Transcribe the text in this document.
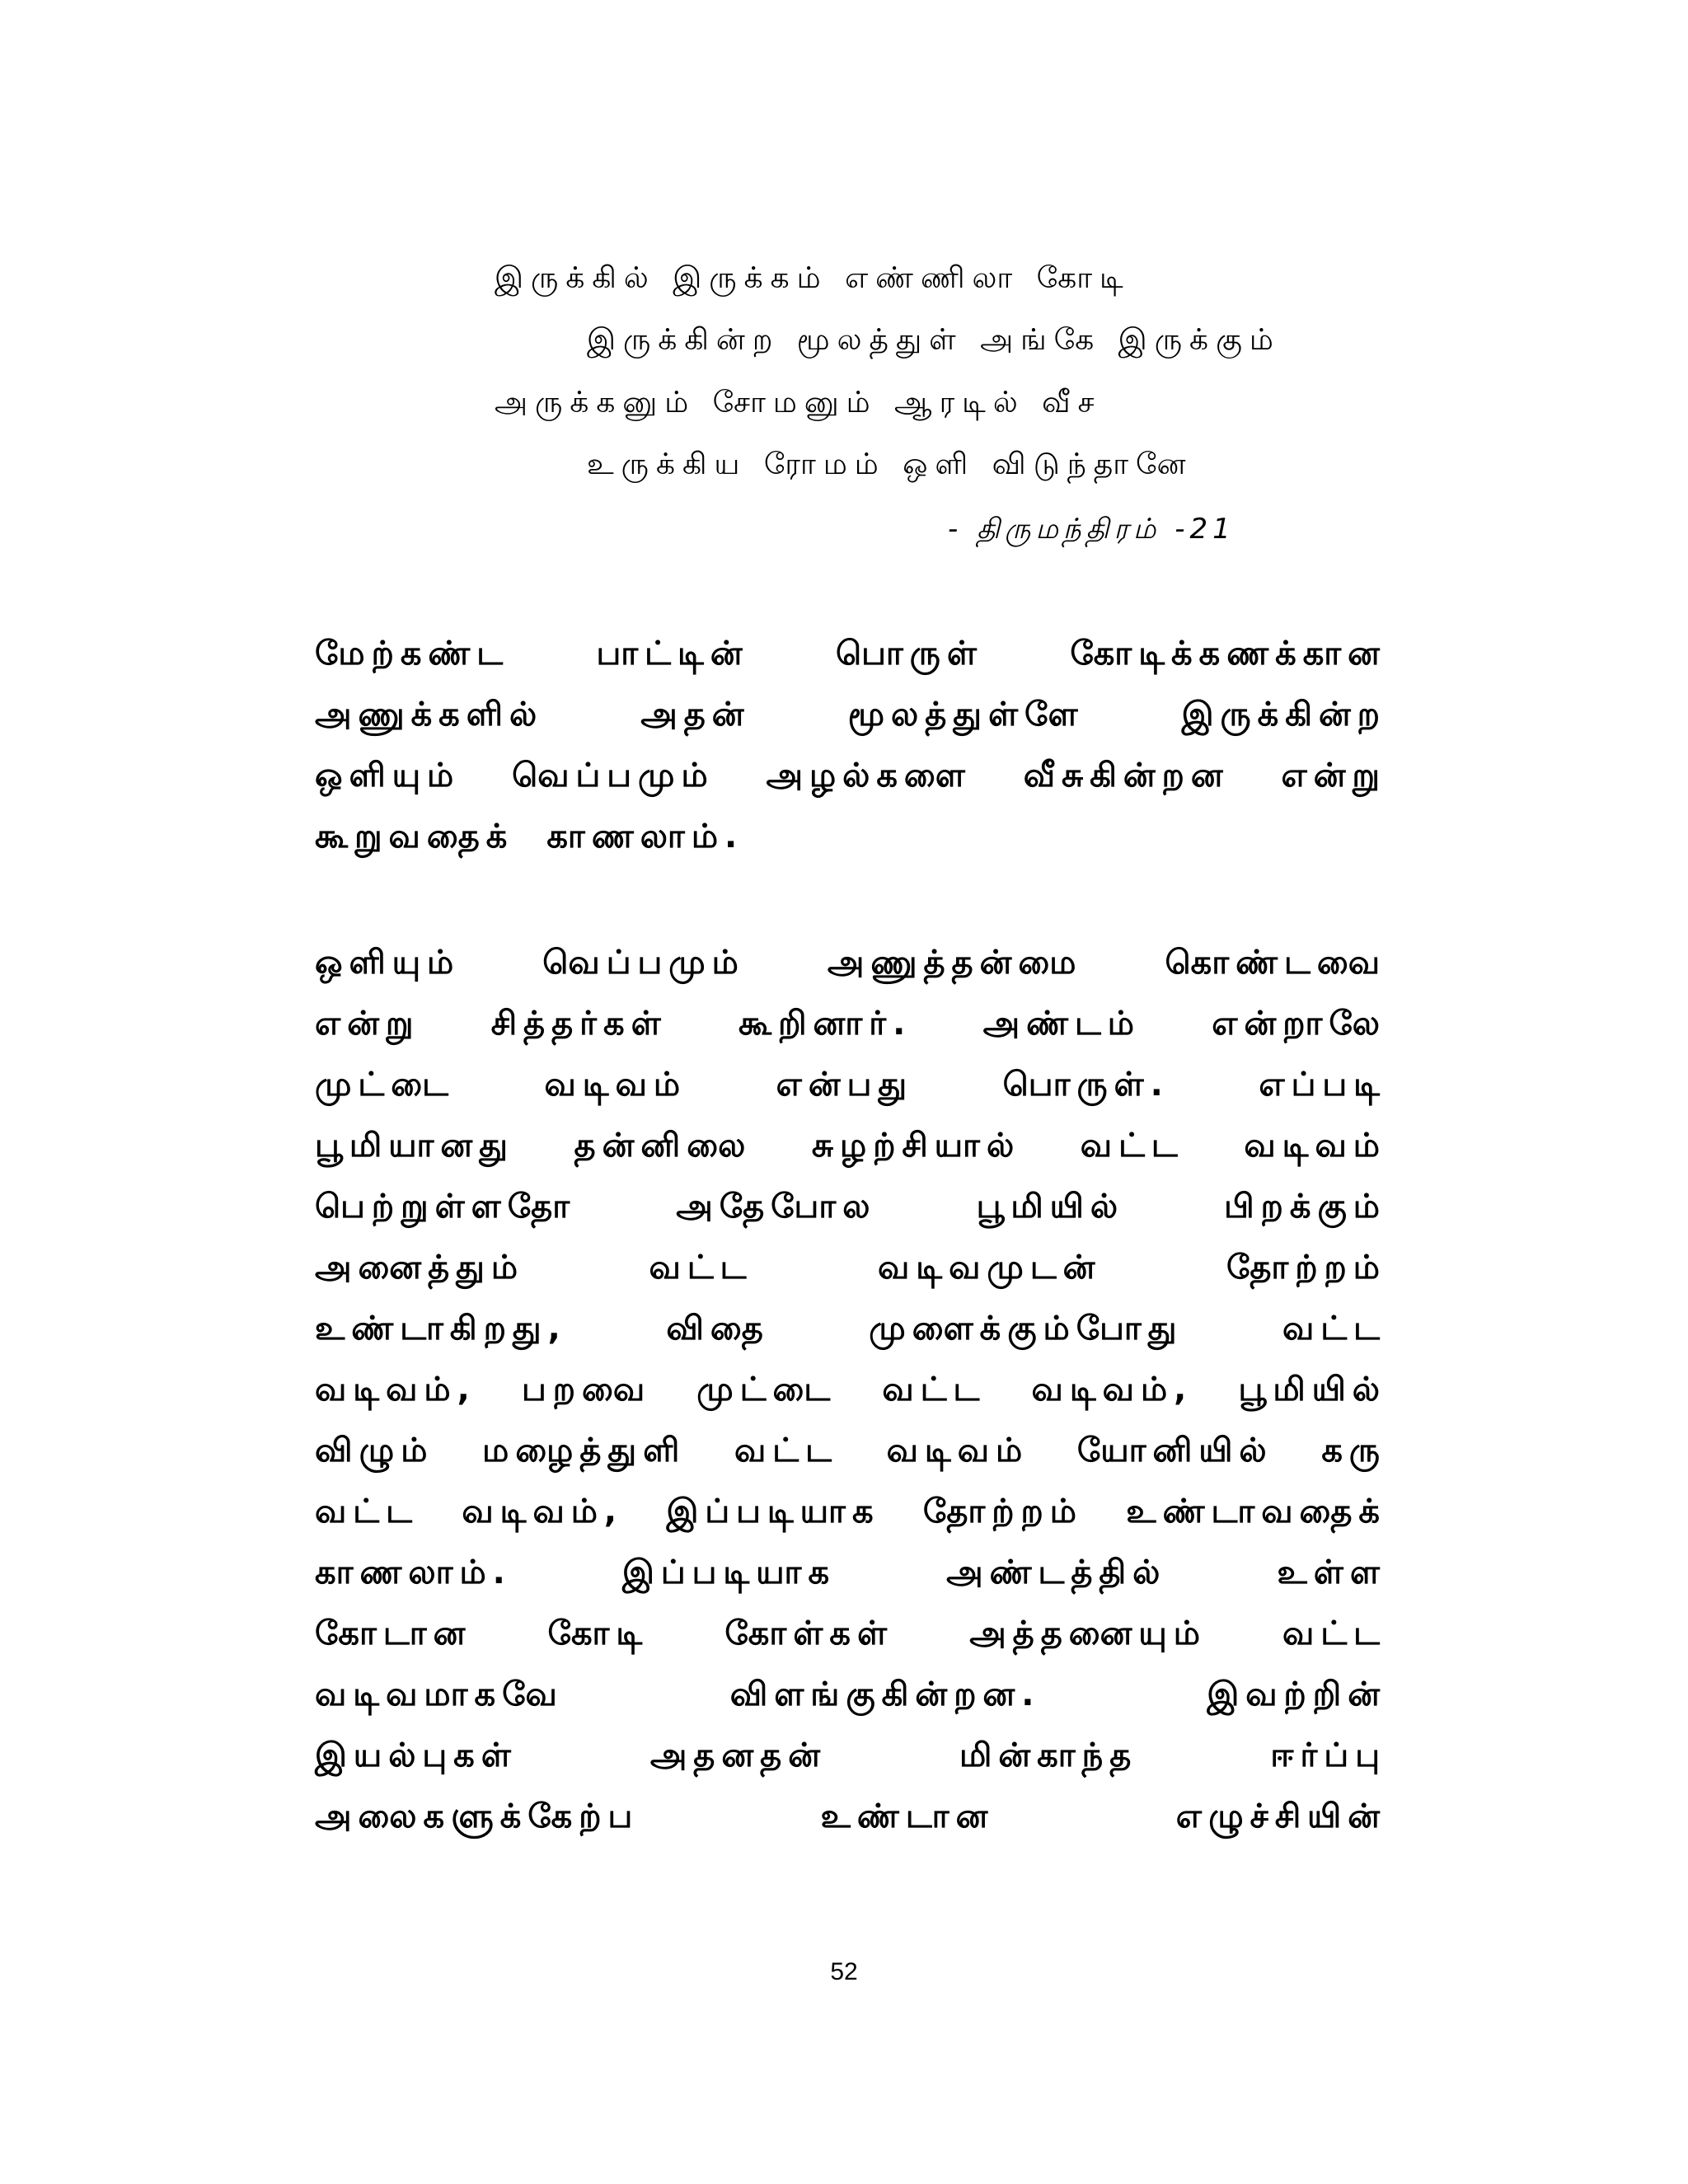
இருக்கில் இருக்கம் எண்ணிலா கோடி
இருக்கின்ற மூலத்துள் அங்கே இருக்கும்
அருக்கனும் சோமனும் ஆரடில் வீச
உருக்கிய ரோமம் ஒளி விடுந்தானே
- திருமந்திரம் -21
மேற்கண்ட	பாட்டின்	பொருள்	கோடிக்கணக்கான
அணுக்களில்	அதன்	மூலத்துள்ளே	இருக்கின்ற
ஒளியும் வெப்பமும் அழல்களை வீசுகின்றன என்று
கூறுவதைக் காணலாம்.
ஒளியும்	வெப்பமும்	அணுத்தன்மை	கொண்டவை
என்று சித்தர்கள் கூறினார். அண்டம் என்றாலே
முட்டை	வடிவம்	என்பது	பொருள்.	எப்படி
பூமியானது தன்னிலை சுழற்சியால் வட்ட வடிவம்
பெற்றுள்ளதோ	அதேபோல	பூமியில்	பிறக்கும்
அனைத்தும்	வட்ட	வடிவமுடன்	தோற்றம்
உண்டாகிறது,	விதை	முளைக்கும்போது	வட்ட
வடிவம், பறவை முட்டை வட்ட வடிவம், பூமியில்
விழும் மழைத்துளி வட்ட வடிவம் யோனியில் கரு
வட்ட வடிவம், இப்படியாக தோற்றம் உண்டாவதைக்
காணலாம்.	இப்படியாக	அண்டத்தில்	உள்ள
கோடான கோடி கோள்கள் அத்தனையும் வட்ட
வடிவமாகவே	விளங்குகின்றன.	இவற்றின்
இயல்புகள்	அதனதன்	மின்காந்த	ஈர்ப்பு
அலைகளுக்கேற்ப	உண்டான	எழுச்சியின்
52
